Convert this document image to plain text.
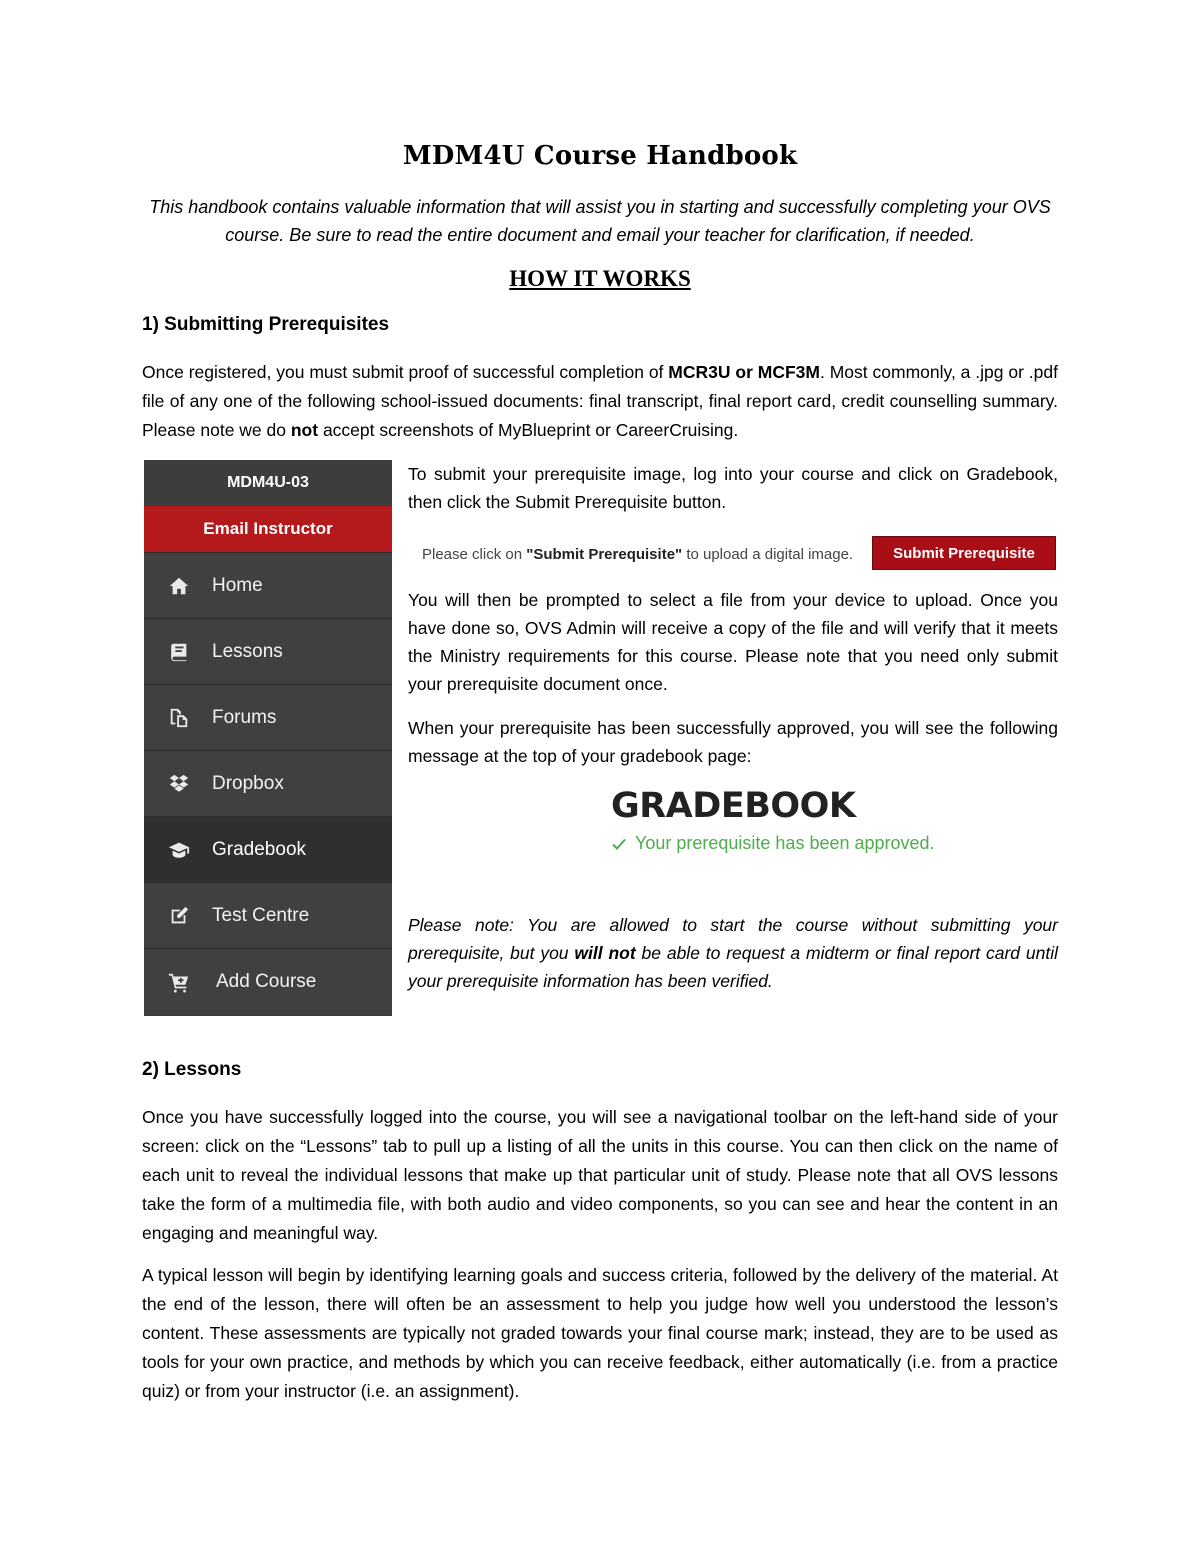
MDM4U Course Handbook

This handbook contains valuable information that will assist you in starting and successfully completing your OVS course. Be sure to read the entire document and email your teacher for clarification, if needed.

HOW IT WORKS
1) Submitting Prerequisites

Once registered, you must submit proof of successful completion of MCR3U or MCF3M. Most commonly, a .jpg or .pdf file of any one of the following school-issued documents: final transcript, final report card, credit counselling summary. Please note we do not accept screenshots of MyBlueprint or CareerCruising.

MDM4U-03
Email Instructor
Home
Lessons
Forums
Dropbox
Gradebook
Test Centre
Add Course

To submit your prerequisite image, log into your course and click on Gradebook, then click the Submit Prerequisite button.

Please click on "Submit Prerequisite" to upload a digital image.	Submit Prerequisite

You will then be prompted to select a file from your device to upload. Once you have done so, OVS Admin will receive a copy of the file and will verify that it meets the Ministry requirements for this course. Please note that you need only submit your prerequisite document once.

When your prerequisite has been successfully approved, you will see the following message at the top of your gradebook page:

GRADEBOOK
Your prerequisite has been approved.

Please note: You are allowed to start the course without submitting your prerequisite, but you will not be able to request a midterm or final report card until your prerequisite information has been verified.

2) Lessons

Once you have successfully logged into the course, you will see a navigational toolbar on the left-hand side of your screen: click on the “Lessons” tab to pull up a listing of all the units in this course. You can then click on the name of each unit to reveal the individual lessons that make up that particular unit of study. Please note that all OVS lessons take the form of a multimedia file, with both audio and video components, so you can see and hear the content in an engaging and meaningful way.

A typical lesson will begin by identifying learning goals and success criteria, followed by the delivery of the material. At the end of the lesson, there will often be an assessment to help you judge how well you understood the lesson’s content. These assessments are typically not graded towards your final course mark; instead, they are to be used as tools for your own practice, and methods by which you can receive feedback, either automatically (i.e. from a practice quiz) or from your instructor (i.e. an assignment).
